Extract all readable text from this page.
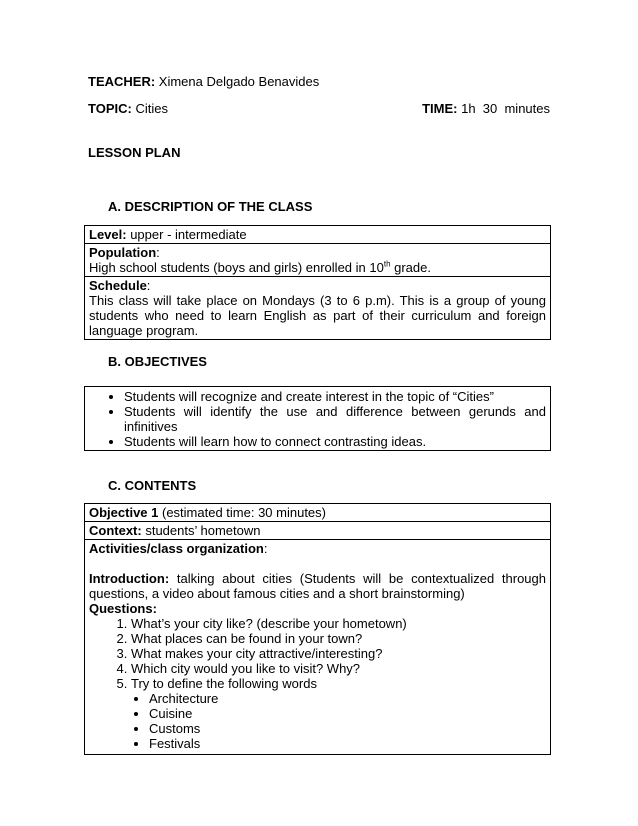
TEACHER: Ximena Delgado Benavides
TOPIC: Cities	TIME: 1h  30  minutes
LESSON PLAN
A. DESCRIPTION OF THE CLASS
Level: upper - intermediate
Population:
High school students (boys and girls) enrolled in 10th grade.
Schedule:
This class will take place on Mondays (3 to 6 p.m). This is a group of young students who need to learn English as part of their curriculum and foreign language program.
B. OBJECTIVES
• Students will recognize and create interest in the topic of “Cities”
• Students will identify the use and difference between gerunds and infinitives
• Students will learn how to connect contrasting ideas.
C. CONTENTS
Objective 1 (estimated time: 30 minutes)
Context: students’ hometown
Activities/class organization:
Introduction: talking about cities (Students will be contextualized through questions, a video about famous cities and a short brainstorming)
Questions:
1. What’s your city like? (describe your hometown)
2. What places can be found in your town?
3. What makes your city attractive/interesting?
4. Which city would you like to visit? Why?
5. Try to define the following words
• Architecture
• Cuisine
• Customs
• Festivals
